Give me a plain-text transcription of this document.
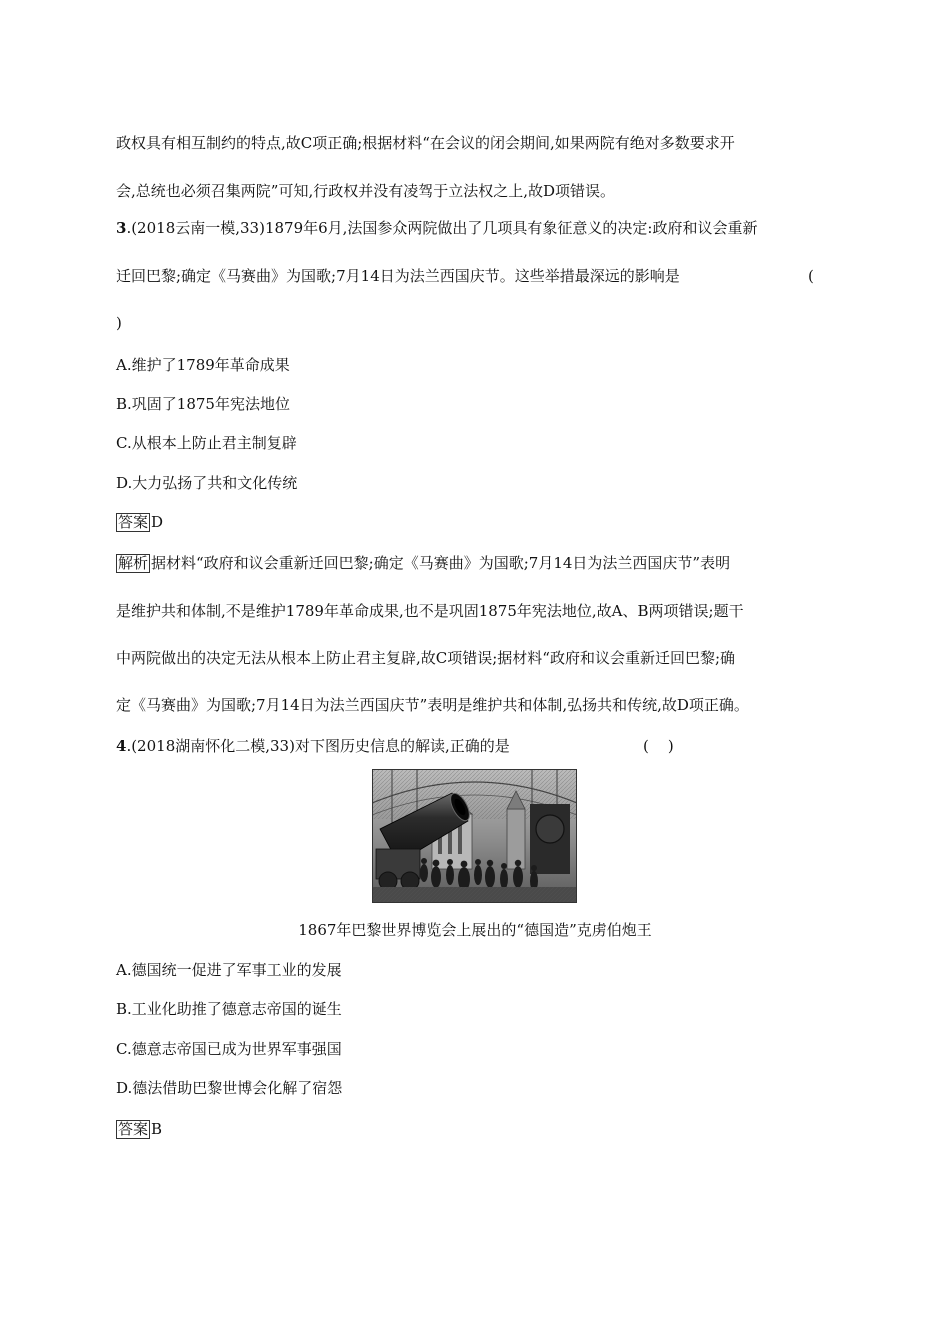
政权具有相互制约的特点,故C项正确;根据材料“在会议的闭会期间,如果两院有绝对多数要求开
会,总统也必须召集两院”可知,行政权并没有凌驾于立法权之上,故D项错误。
3.(2018云南一模,33)1879年6月,法国参众两院做出了几项具有象征意义的决定:政府和议会重新
迁回巴黎;确定《马赛曲》为国歌;7月14日为法兰西国庆节。这些举措最深远的影响是	(
)
A.维护了1789年革命成果
B.巩固了1875年宪法地位
C.从根本上防止君主制复辟
D.大力弘扬了共和文化传统
答案 D
解析 据材料“政府和议会重新迁回巴黎;确定《马赛曲》为国歌;7月14日为法兰西国庆节”表明
是维护共和体制,不是维护1789年革命成果,也不是巩固1875年宪法地位,故A、B两项错误;题干
中两院做出的决定无法从根本上防止君主复辟,故C项错误;据材料“政府和议会重新迁回巴黎;确
定《马赛曲》为国歌;7月14日为法兰西国庆节”表明是维护共和体制,弘扬共和传统,故D项正确。
4.(2018湖南怀化二模,33)对下图历史信息的解读,正确的是	(    )
1867年巴黎世界博览会上展出的“德国造”克虏伯炮王
A.德国统一促进了军事工业的发展
B.工业化助推了德意志帝国的诞生
C.德意志帝国已成为世界军事强国
D.德法借助巴黎世博会化解了宿怨
答案 B
